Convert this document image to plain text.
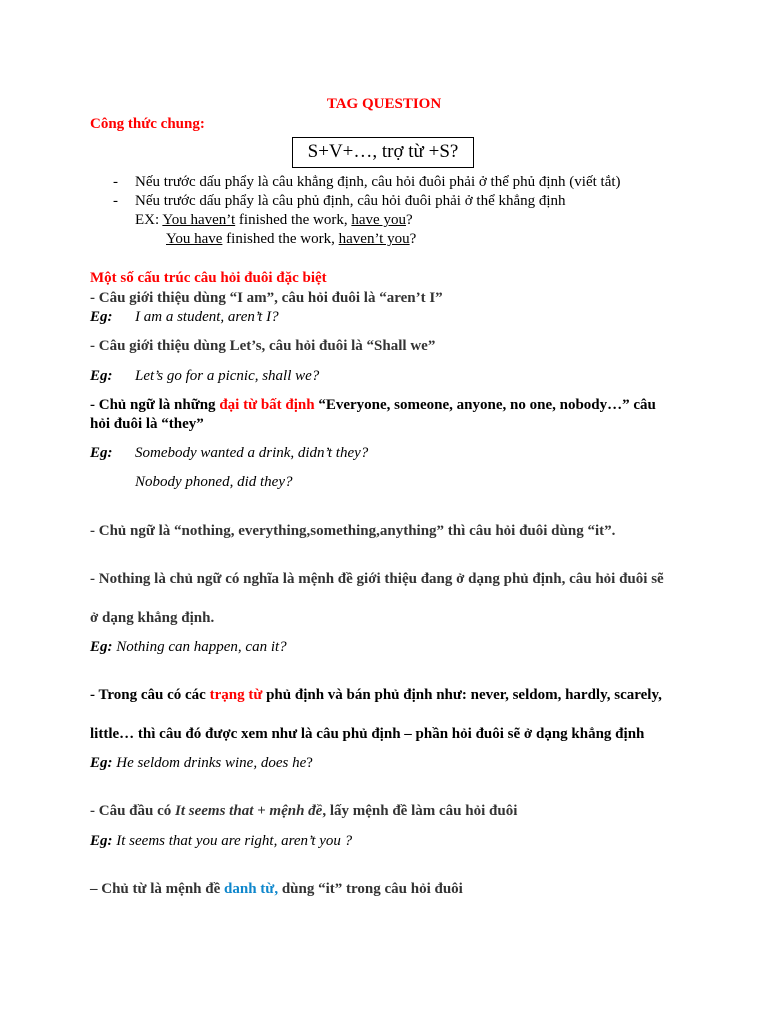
TAG QUESTION
Công thức chung:
S+V+…, trợ từ +S?
- Nếu trước dấu phẩy là câu khẳng định, câu hỏi đuôi phải ở thể phủ định (viết tắt)
- Nếu trước dấu phẩy là câu phủ định, câu hỏi đuôi phải ở thể khẳng định
EX: You haven’t finished the work, have you?
You have finished the work, haven’t you?
Một số cấu trúc câu hỏi đuôi đặc biệt
- Câu giới thiệu dùng “I am”, câu hỏi đuôi là “aren’t I”
Eg: I am a student, aren’t I?
- Câu giới thiệu dùng Let’s, câu hỏi đuôi là “Shall we”
Eg: Let’s go for a picnic, shall we?
- Chủ ngữ là những đại từ bất định “Everyone, someone, anyone, no one, nobody…” câu
hỏi đuôi là “they”
Eg: Somebody wanted a drink, didn’t they?
Nobody phoned, did they?
- Chủ ngữ là “nothing, everything,something,anything” thì câu hỏi đuôi dùng “it”.
- Nothing là chủ ngữ có nghĩa là mệnh đề giới thiệu đang ở dạng phủ định, câu hỏi đuôi sẽ
ở dạng khẳng định.
Eg: Nothing can happen, can it?
- Trong câu có các trạng từ phủ định và bán phủ định như: never, seldom, hardly, scarely,
little… thì câu đó được xem như là câu phủ định – phần hỏi đuôi sẽ ở dạng khẳng định
Eg: He seldom drinks wine, does he?
- Câu đầu có It seems that + mệnh đề, lấy mệnh đề làm câu hỏi đuôi
Eg: It seems that you are right, aren’t you ?
– Chủ từ là mệnh đề danh từ, dùng “it” trong câu hỏi đuôi
